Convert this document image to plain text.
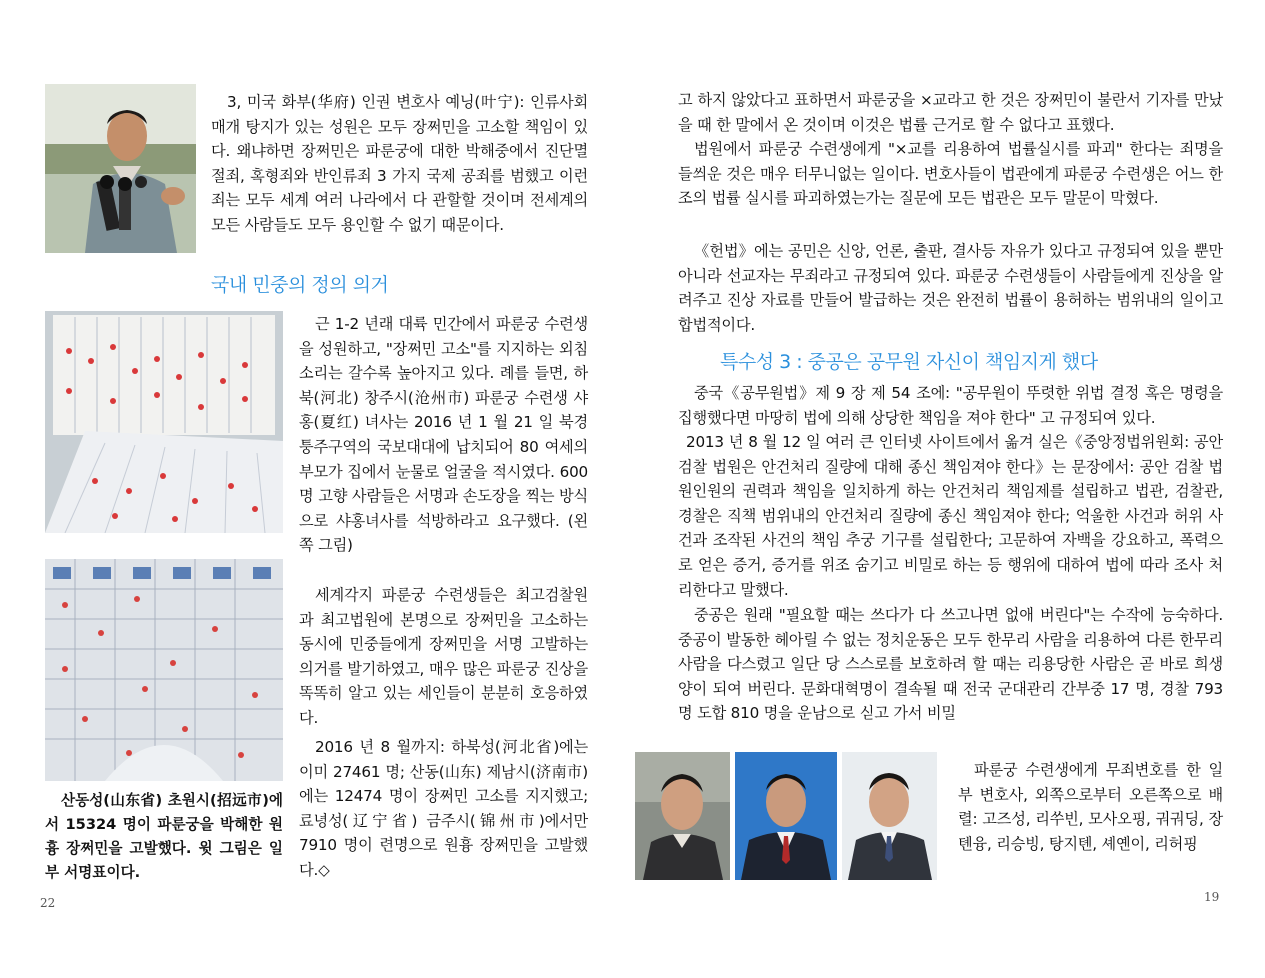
3, 미국 화부(华府) 인권 변호사 예닝(叶宁): 인류사회 매개 탕지가 있는 성원은 모두 장쩌민을 고소할 책임이 있다. 왜냐하면 장쩌민은 파룬궁에 대한 박해중에서 진단멸절죄, 혹형죄와 반인류죄 3 가지 국제 공죄를 범했고 이런 죄는 모두 세계 여러 나라에서 다 관할할 것이며 전세계의 모든 사람들도 모두 용인할 수 없기 때문이다.

국내 민중의 정의 의거

근 1-2 년래 대륙 민간에서 파룬궁 수련생을 성원하고, "장쩌민 고소"를 지지하는 외침 소리는 갈수록 높아지고 있다. 례를 들면, 하북(河北) 창주시(沧州市) 파룬궁 수련생 샤홍(夏红) 녀사는 2016 년 1 월 21 일 북경 퉁주구역의 국보대대에 납치되어 80 여세의 부모가 집에서 눈물로 얼굴을 적시였다. 600 명 고향 사람들은 서명과 손도장을 찍는 방식으로 샤홍녀사를 석방하라고 요구했다. (왼쪽 그림)

산동성(山东省) 초원시(招远市)에서 15324 명이 파룬궁을 박해한 원흉 장쩌민을 고발했다. 윗 그림은 일부 서명표이다.

세계각지 파룬궁 수련생들은 최고검찰원과 최고법원에 본명으로 장쩌민을 고소하는 동시에 민중들에게 장쩌민을 서명 고발하는 의거를 발기하였고, 매우 많은 파룬궁 진상을 똑똑히 알고 있는 세인들이 분분히 호응하였다.

2016 년 8 월까지: 하북성(河北省)에는 이미 27461 명; 산동(山东) 제남시(济南市)에는 12474 명이 장쩌민 고소를 지지했고; 료녕성(辽宁省) 금주시(锦州市)에서만 7910 명이 련명으로 원흉 장쩌민을 고발했다.◇

22

고 하지 않았다고 표하면서 파룬궁을 ×교라고 한 것은 장쩌민이 불란서 기자를 만났을 때 한 말에서 온 것이며 이것은 법률 근거로 할 수 없다고 표했다.

법원에서 파룬궁 수련생에게 "×교를 리용하여 법률실시를 파괴" 한다는 죄명을 들씌운 것은 매우 터무니없는 일이다. 변호사들이 법관에게 파룬궁 수련생은 어느 한 조의 법률 실시를 파괴하였는가는 질문에 모든 법관은 모두 말문이 막혔다.

《헌법》에는 공민은 신앙, 언론, 출판, 결사등 자유가 있다고 규정되여 있을 뿐만아니라 선교자는 무죄라고 규정되여 있다. 파룬궁 수련생들이 사람들에게 진상을 알려주고 진상 자료를 만들어 발급하는 것은 완전히 법률이 용허하는 범위내의 일이고 합법적이다.

특수성 3 : 중공은 공무원 자신이 책임지게 했다

중국《공무원법》제 9 장 제 54 조에: "공무원이 뚜렷한 위법 결정 혹은 명령을 집행했다면 마땅히 법에 의해 상당한 책임을 져야 한다" 고 규정되여 있다.

2013 년 8 월 12 일 여러 큰 인터넷 사이트에서 옮겨 실은《중앙정법위원회: 공안 검찰 법원은 안건처리 질량에 대해 종신 책임져야 한다》는 문장에서: 공안 검찰 법원인원의 권력과 책임을 일치하게 하는 안건처리 책임제를 설립하고 법관, 검찰관, 경찰은 직책 범위내의 안건처리 질량에 종신 책임져야 한다; 억울한 사건과 허위 사건과 조작된 사건의 책임 추궁 기구를 설립한다; 고문하여 자백을 강요하고, 폭력으로 얻은 증거, 증거를 위조 숨기고 비밀로 하는 등 행위에 대하여 법에 따라 조사 처리한다고 말했다.

중공은 원래 "필요할 때는 쓰다가 다 쓰고나면 없애 버린다"는 수작에 능숙하다. 중공이 발동한 헤아릴 수 없는 정치운동은 모두 한무리 사람을 리용하여 다른 한무리 사람을 다스렸고 일단 당 스스로를 보호하려 할 때는 리용당한 사람은 곧 바로 희생양이 되여 버린다. 문화대혁명이 결속될 때 전국 군대관리 간부중 17 명, 경찰 793 명 도합 810 명을 운남으로 싣고 가서 비밀

파룬궁 수련생에게 무죄변호를 한 일부 변호사, 외쪽으로부터 오른쪽으로 배렬: 고즈성, 리쑤빈, 모사오핑, 궈궈딩, 장톈융, 리승빙, 탕지톈, 셰옌이, 리허핑

19
